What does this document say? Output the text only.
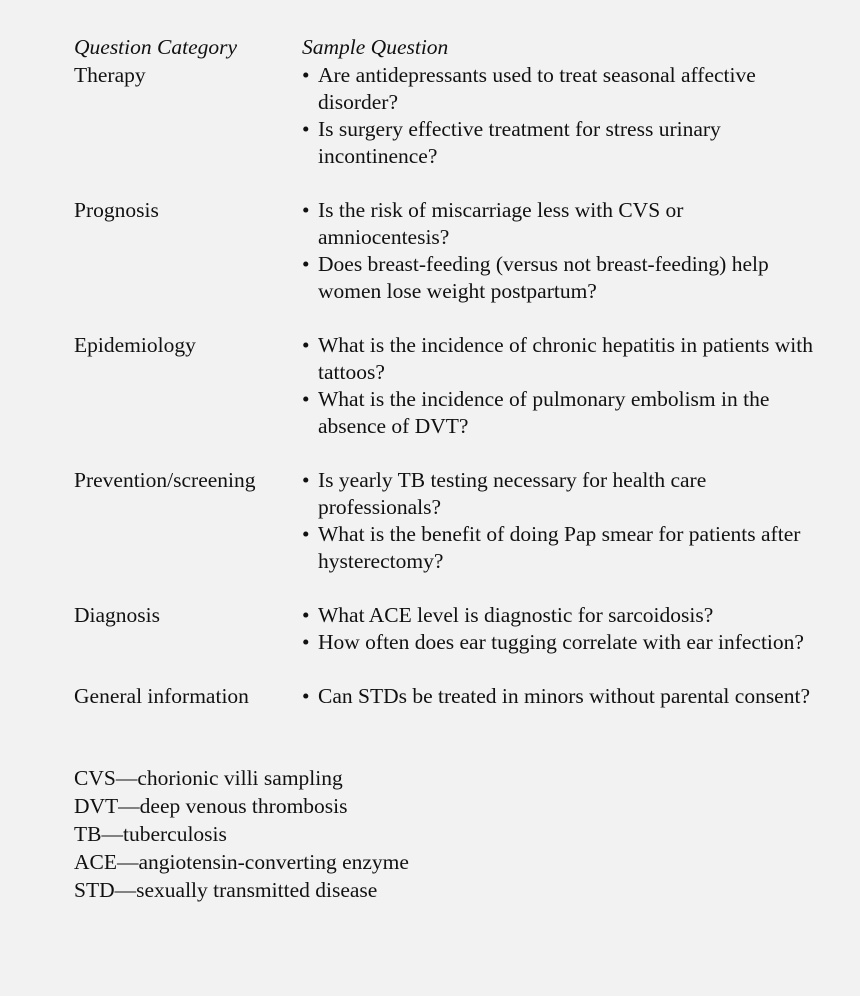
Question Category	Sample Question
Therapy	• Are antidepressants used to treat seasonal affective disorder?
• Is surgery effective treatment for stress urinary incontinence?
Prognosis	• Is the risk of miscarriage less with CVS or amniocentesis?
• Does breast-feeding (versus not breast-feeding) help women lose weight postpartum?
Epidemiology	• What is the incidence of chronic hepatitis in patients with tattoos?
• What is the incidence of pulmonary embolism in the absence of DVT?
Prevention/screening	• Is yearly TB testing necessary for health care professionals?
• What is the benefit of doing Pap smear for patients after hysterectomy?
Diagnosis	• What ACE level is diagnostic for sarcoidosis?
• How often does ear tugging correlate with ear infection?
General information	• Can STDs be treated in minors without parental consent?
CVS—chorionic villi sampling
DVT—deep venous thrombosis
TB—tuberculosis
ACE—angiotensin-converting enzyme
STD—sexually transmitted disease
